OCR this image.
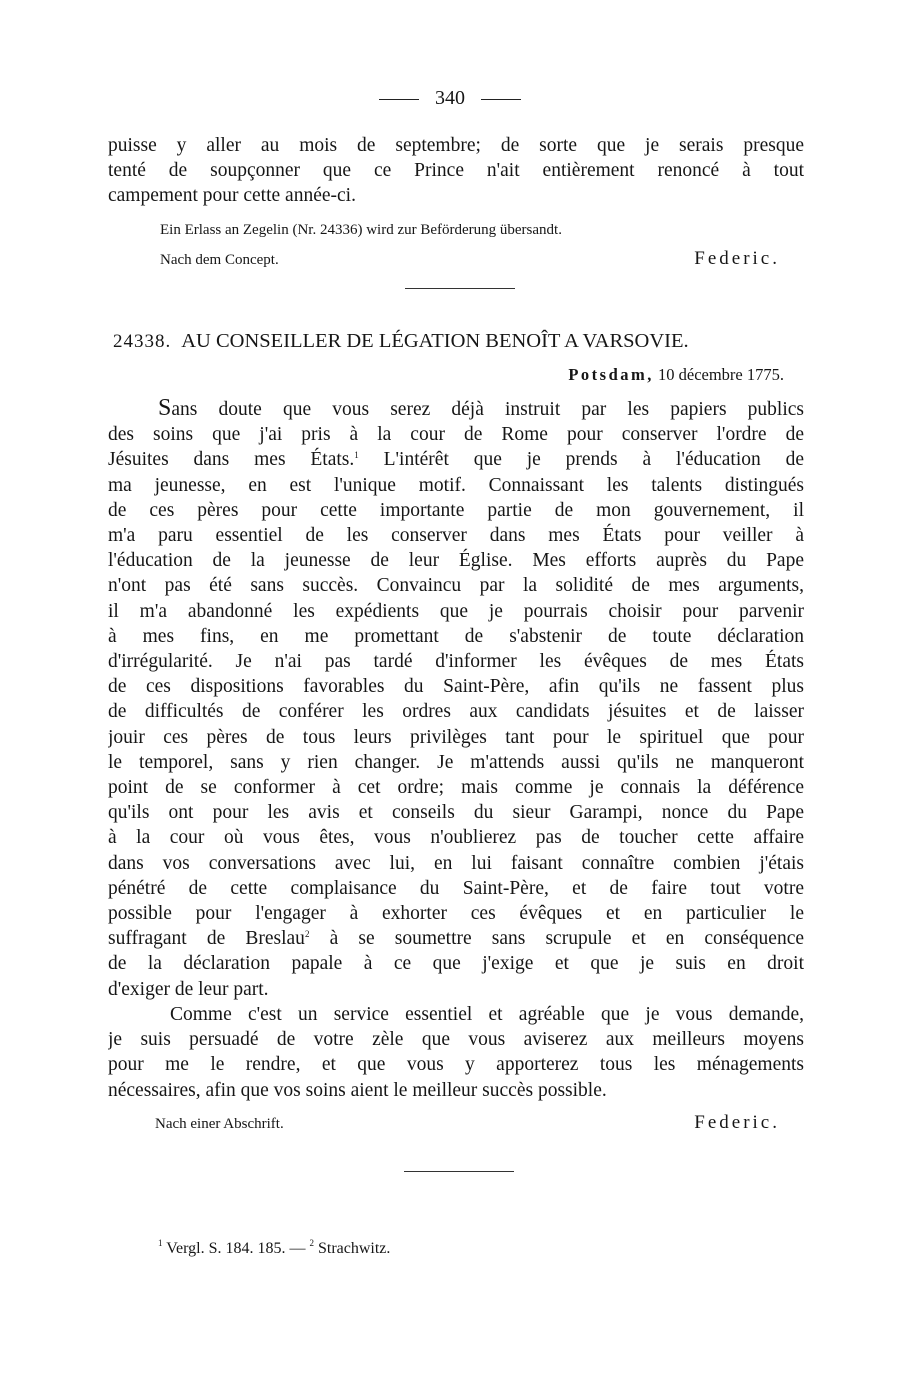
340
puisse y aller au mois de septembre; de sorte que je serais presque
tenté de soupçonner que ce Prince n'ait entièrement renoncé à tout
campement pour cette année-ci.
Ein Erlass an Zegelin (Nr. 24336) wird zur Beförderung übersandt.
Nach dem Concept.	Federic.
24338. AU CONSEILLER DE LÉGATION BENOÎT A VARSOVIE.
Potsdam, 10 décembre 1775.
Sans doute que vous serez déjà instruit par les papiers publics
des soins que j'ai pris à la cour de Rome pour conserver l'ordre de
Jésuites dans mes États.$^1$ L'intérêt que je prends à l'éducation de
ma jeunesse, en est l'unique motif. Connaissant les talents distingués
de ces pères pour cette importante partie de mon gouvernement, il
m'a paru essentiel de les conserver dans mes États pour veiller à
l'éducation de la jeunesse de leur Église. Mes efforts auprès du Pape
n'ont pas été sans succès. Convaincu par la solidité de mes arguments,
il m'a abandonné les expédients que je pourrais choisir pour parvenir
à mes fins, en me promettant de s'abstenir de toute déclaration
d'irrégularité. Je n'ai pas tardé d'informer les évêques de mes États
de ces dispositions favorables du Saint-Père, afin qu'ils ne fassent plus
de difficultés de conférer les ordres aux candidats jésuites et de laisser
jouir ces pères de tous leurs privilèges tant pour le spirituel que pour
le temporel, sans y rien changer. Je m'attends aussi qu'ils ne manqueront
point de se conformer à cet ordre; mais comme je connais la déférence
qu'ils ont pour les avis et conseils du sieur Garampi, nonce du Pape
à la cour où vous êtes, vous n'oublierez pas de toucher cette affaire
dans vos conversations avec lui, en lui faisant connaître combien j'étais
pénétré de cette complaisance du Saint-Père, et de faire tout votre
possible pour l'engager à exhorter ces évêques et en particulier le
suffragant de Breslau$^2$ à se soumettre sans scrupule et en conséquence
de la déclaration papale à ce que j'exige et que je suis en droit
d'exiger de leur part.
Comme c'est un service essentiel et agréable que je vous demande,
je suis persuadé de votre zèle que vous aviserez aux meilleurs moyens
pour me le rendre, et que vous y apporterez tous les ménagements
nécessaires, afin que vos soins aient le meilleur succès possible.
Nach einer Abschrift.	Federic.
$^1$ Vergl. S. 184. 185. — $^2$ Strachwitz.
